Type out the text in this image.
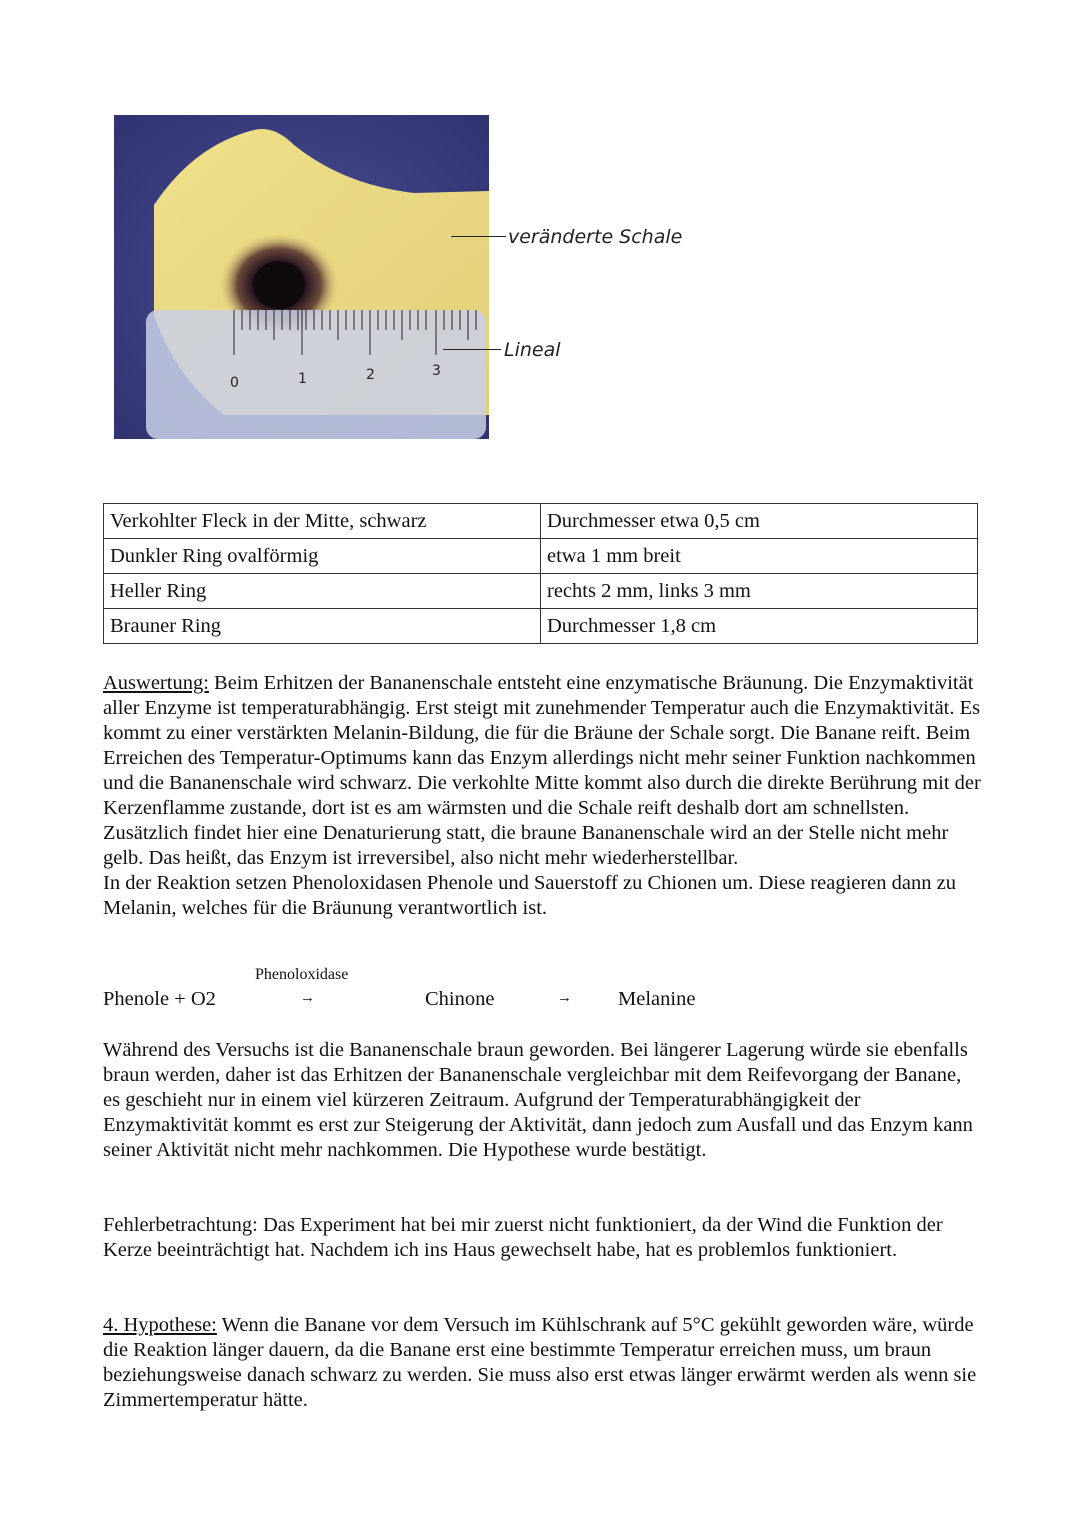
0	1	2	3
veränderte Schale
Lineal
Verkohlter Fleck in der Mitte, schwarz	Durchmesser etwa 0,5 cm
Dunkler Ring ovalförmig	etwa 1 mm breit
Heller Ring	rechts 2 mm, links 3 mm
Brauner Ring	Durchmesser 1,8 cm

Auswertung: Beim Erhitzen der Bananenschale entsteht eine enzymatische Bräunung. Die Enzymaktivität aller Enzyme ist temperaturabhängig. Erst steigt mit zunehmender Temperatur auch die Enzymaktivität. Es kommt zu einer verstärkten Melanin-Bildung, die für die Bräune der Schale sorgt. Die Banane reift. Beim Erreichen des Temperatur-Optimums kann das Enzym allerdings nicht mehr seiner Funktion nachkommen und die Bananenschale wird schwarz. Die verkohlte Mitte kommt also durch die direkte Berührung mit der Kerzenflamme zustande, dort ist es am wärmsten und die Schale reift deshalb dort am schnellsten. Zusätzlich findet hier eine Denaturierung statt, die braune Bananenschale wird an der Stelle nicht mehr gelb. Das heißt, das Enzym ist irreversibel, also nicht mehr wiederherstellbar.

In der Reaktion setzen Phenoloxidasen Phenole und Sauerstoff zu Chionen um. Diese reagieren dann zu Melanin, welches für die Bräunung verantwortlich ist.

Phenoloxidase
Phenole + O2	→	Chinone	→ Melanine
Während des Versuchs ist die Bananenschale braun geworden. Bei längerer Lagerung würde sie ebenfalls braun werden, daher ist das Erhitzen der Bananenschale vergleichbar mit dem Reifevorgang der Banane, es geschieht nur in einem viel kürzeren Zeitraum. Aufgrund der Temperaturabhängigkeit der Enzymaktivität kommt es erst zur Steigerung der Aktivität, dann jedoch zum Ausfall und das Enzym kann seiner Aktivität nicht mehr nachkommen. Die Hypothese wurde bestätigt.
Fehlerbetrachtung: Das Experiment hat bei mir zuerst nicht funktioniert, da der Wind die Funktion der Kerze beeinträchtigt hat. Nachdem ich ins Haus gewechselt habe, hat es problemlos funktioniert.

4. Hypothese: Wenn die Banane vor dem Versuch im Kühlschrank auf 5°C gekühlt geworden wäre, würde die Reaktion länger dauern, da die Banane erst eine bestimmte Temperatur erreichen muss, um braun beziehungsweise danach schwarz zu werden. Sie muss also erst etwas länger erwärmt werden als wenn sie Zimmertemperatur hätte.
